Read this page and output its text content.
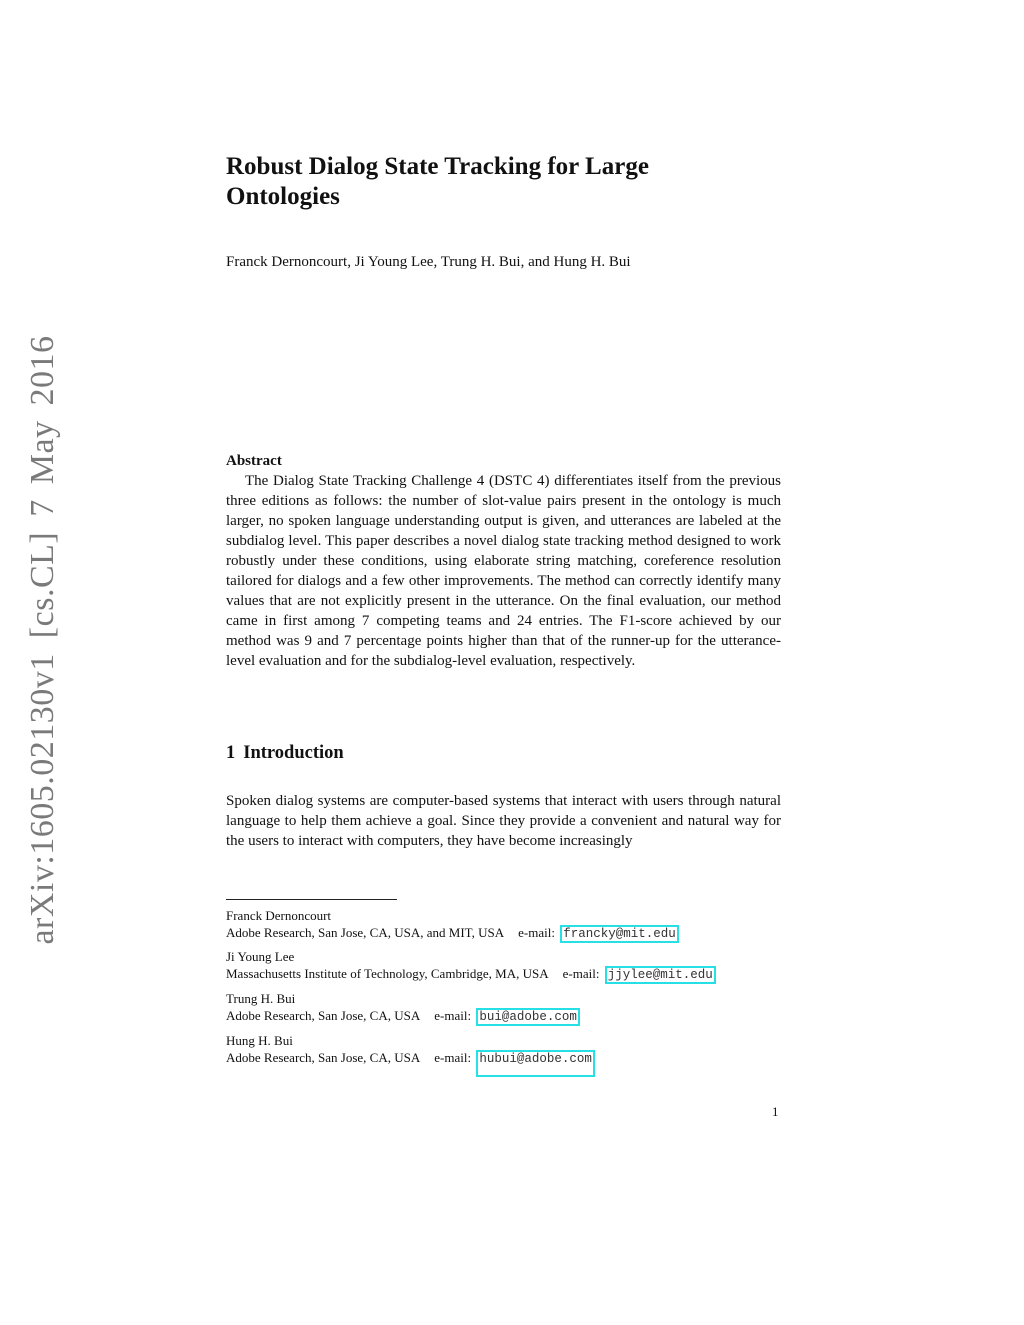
arXiv:1605.02130v1 [cs.CL] 7 May 2016
Robust Dialog State Tracking for Large Ontologies
Franck Dernoncourt, Ji Young Lee, Trung H. Bui, and Hung H. Bui
Abstract

The Dialog State Tracking Challenge 4 (DSTC 4) differentiates itself from the previous three editions as follows: the number of slot-value pairs present in the ontology is much larger, no spoken language understanding output is given, and utterances are labeled at the subdialog level. This paper describes a novel dialog state tracking method designed to work robustly under these conditions, using elaborate string matching, coreference resolution tailored for dialogs and a few other improvements. The method can correctly identify many values that are not explicitly present in the utterance. On the final evaluation, our method came in first among 7 competing teams and 24 entries. The F1-score achieved by our method was 9 and 7 percentage points higher than that of the runner-up for the utterance-level evaluation and for the subdialog-level evaluation, respectively.

1 Introduction

Spoken dialog systems are computer-based systems that interact with users through natural language to help them achieve a goal. Since they provide a convenient and natural way for the users to interact with computers, they have become increasingly

Franck Dernoncourt
Adobe Research, San Jose, CA, USA, and MIT, USA e-mail: francky@mit.edu
Ji Young Lee
Massachusetts Institute of Technology, Cambridge, MA, USA e-mail: jjylee@mit.edu
Trung H. Bui
Adobe Research, San Jose, CA, USA e-mail: bui@adobe.com
Hung H. Bui
Adobe Research, San Jose, CA, USA e-mail: hubui@adobe.com
1
